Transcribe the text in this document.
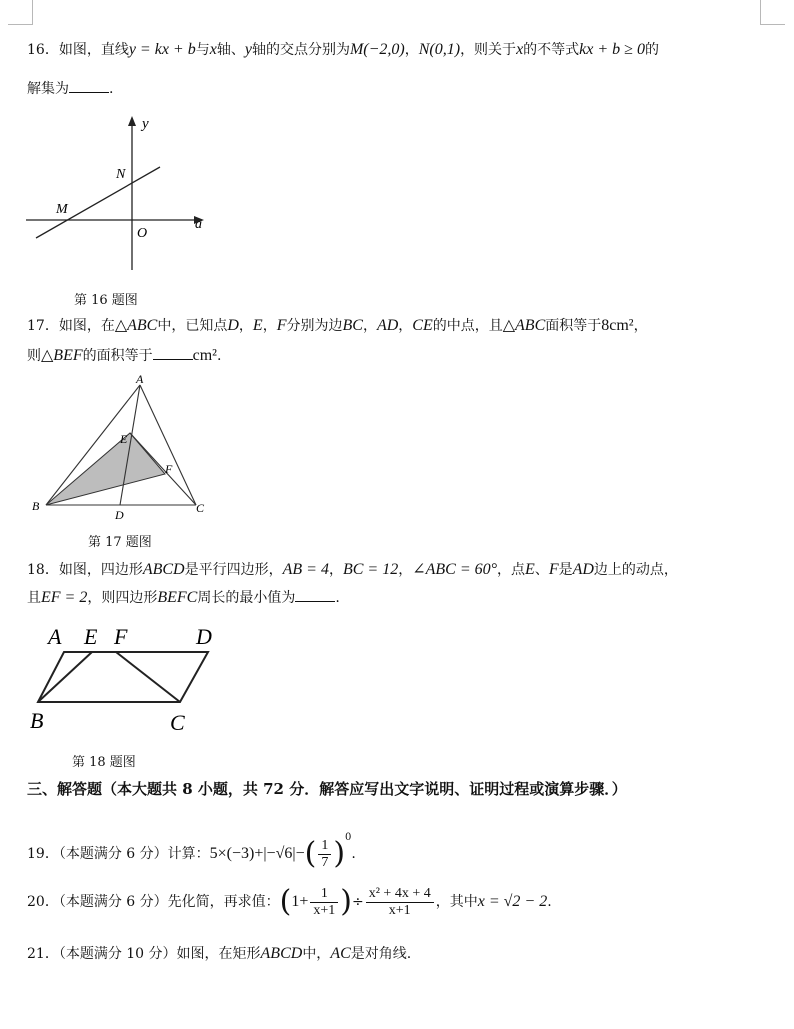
16．如图，直线y = kx + b与x轴、y轴的交点分别为M(−2,0)，N(0,1)，则关于x的不等式kx + b ≥ 0的
解集为	.
y
N
M
a
O
第 16 题图
17．如图，在△ABC中，已知点D，E，F分别为边BC，AD，CE的中点，且△ABC面积等于8cm²，
则△BEF的面积等于	cm².
A
E
F
B
D	C
第 17 题图
18．如图，四边形ABCD是平行四边形，AB = 4，BC = 12，∠ABC = 60°，点E、F是AD边上的动点，
且EF = 2，则四边形BEFC周长的最小值为	.
A E F	D
B	C
第 18 题图
三、解答题（本大题共 8 小题，共 72 分．解答应写出文字说明、证明过程或演算步骤．）
19．（本题满分 6 分）计算：$5\times(-3)+|-√6|-( \frac{1}{7} )^0$.
20．（本题满分 6 分）先化简，再求值：($1+ \frac{1}{x+1}$ )÷ $\frac{\text{x² + 4x + 4}}{x+1}$ ，其中x = √2 − 2.
21．（本题满分 10 分）如图，在矩形ABCD中，AC是对角线.
